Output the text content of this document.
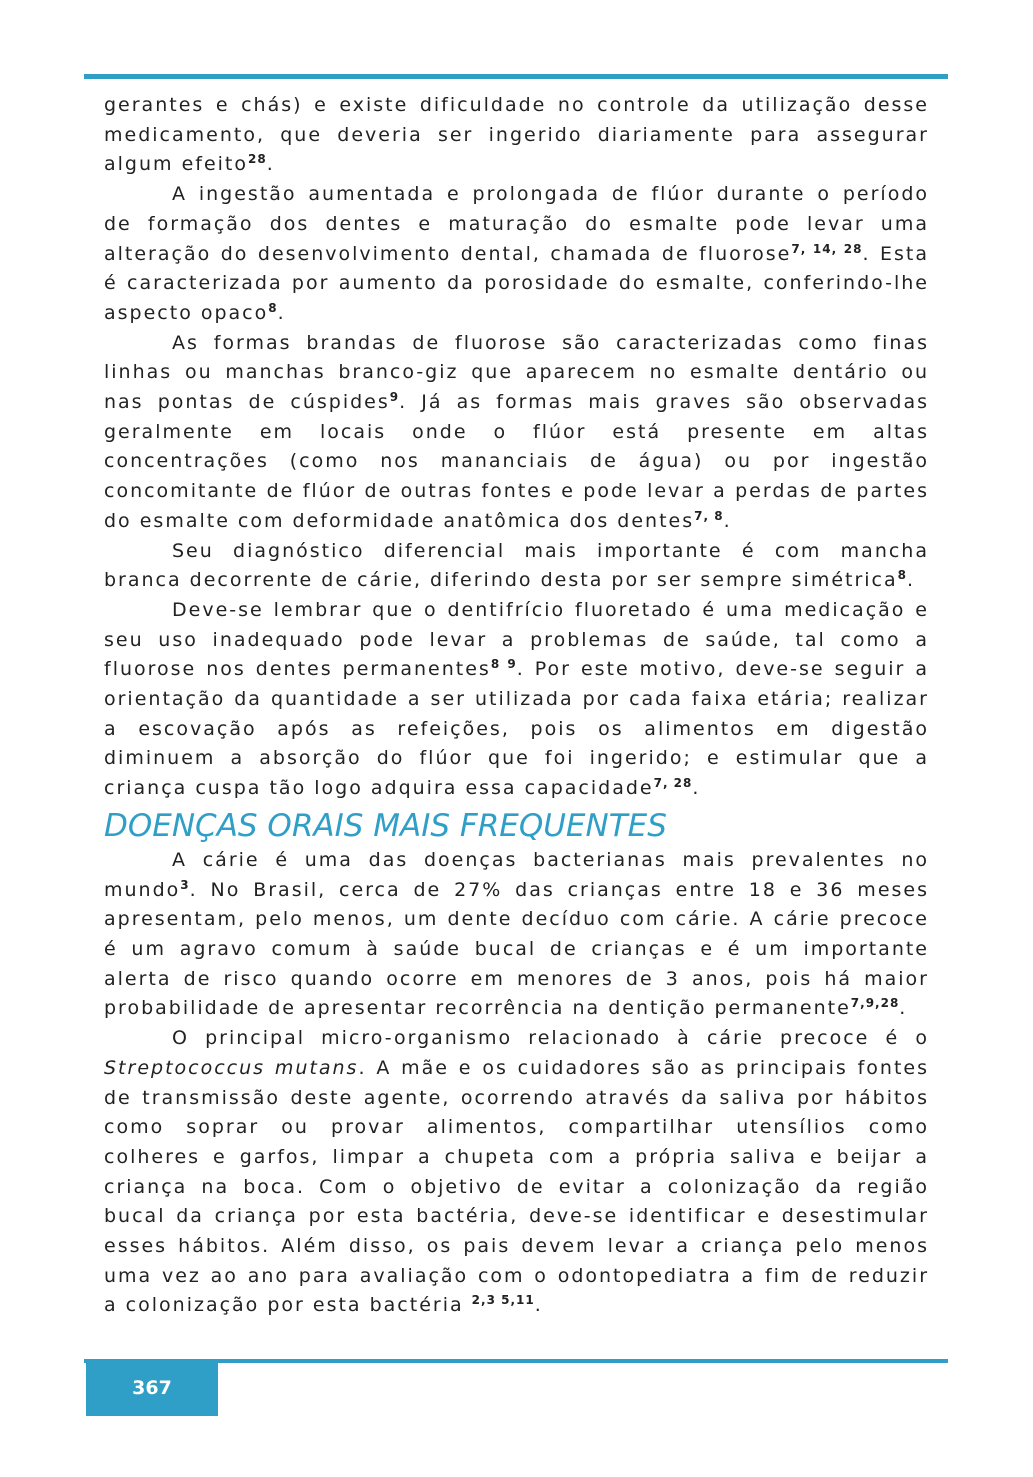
gerantes e chás) e existe dificuldade no controle da utilização desse medicamento, que deveria ser ingerido diariamente para assegurar algum efeito$^{28}$.

A ingestão aumentada e prolongada de flúor durante o período de formação dos dentes e maturação do esmalte pode levar uma alteração do desenvolvimento dental, chamada de fluorose$^{7, 14, 28}$. Esta é caracterizada por aumento da porosidade do esmalte, conferindo-lhe aspecto opaco$^8$.

As formas brandas de fluorose são caracterizadas como finas linhas ou manchas branco-giz que aparecem no esmalte dentário ou nas pontas de cúspides$^9$. Já as formas mais graves são observadas geralmente em locais onde o flúor está presente em altas concentrações (como nos mananciais de água) ou por ingestão concomitante de flúor de outras fontes e pode levar a perdas de partes do esmalte com deformidade anatômica dos dentes$^{7, 8}$.

Seu diagnóstico diferencial mais importante é com mancha branca decorrente de cárie, diferindo desta por ser sempre simétrica$^8$.

Deve-se lembrar que o dentifrício fluoretado é uma medicação e seu uso inadequado pode levar a problemas de saúde, tal como a fluorose nos dentes permanentes$^{8 9}$. Por este motivo, deve-se seguir a orientação da quantidade a ser utilizada por cada faixa etária; realizar a escovação após as refeições, pois os alimentos em digestão diminuem a absorção do flúor que foi ingerido; e estimular que a criança cuspa tão logo adquira essa capacidade$^{7, 28}$.

DOENÇAS ORAIS MAIS FREQUENTES

A cárie é uma das doenças bacterianas mais prevalentes no mundo$^3$. No Brasil, cerca de 27% das crianças entre 18 e 36 meses apresentam, pelo menos, um dente decíduo com cárie. A cárie precoce é um agravo comum à saúde bucal de crianças e é um importante alerta de risco quando ocorre em menores de 3 anos, pois há maior probabilidade de apresentar recorrência na dentição permanente$^{7,9,28}$.

O principal micro-organismo relacionado à cárie precoce é o Streptococcus mutans. A mãe e os cuidadores são as principais fontes de transmissão deste agente, ocorrendo através da saliva por hábitos como soprar ou provar alimentos, compartilhar utensílios como colheres e garfos, limpar a chupeta com a própria saliva e beijar a criança na boca. Com o objetivo de evitar a colonização da região bucal da criança por esta bactéria, deve-se identificar e desestimular esses hábitos. Além disso, os pais devem levar a criança pelo menos uma vez ao ano para avaliação com o odontopediatra a fim de reduzir a colonização por esta bactéria $^{2,3 5,11}$.

367
